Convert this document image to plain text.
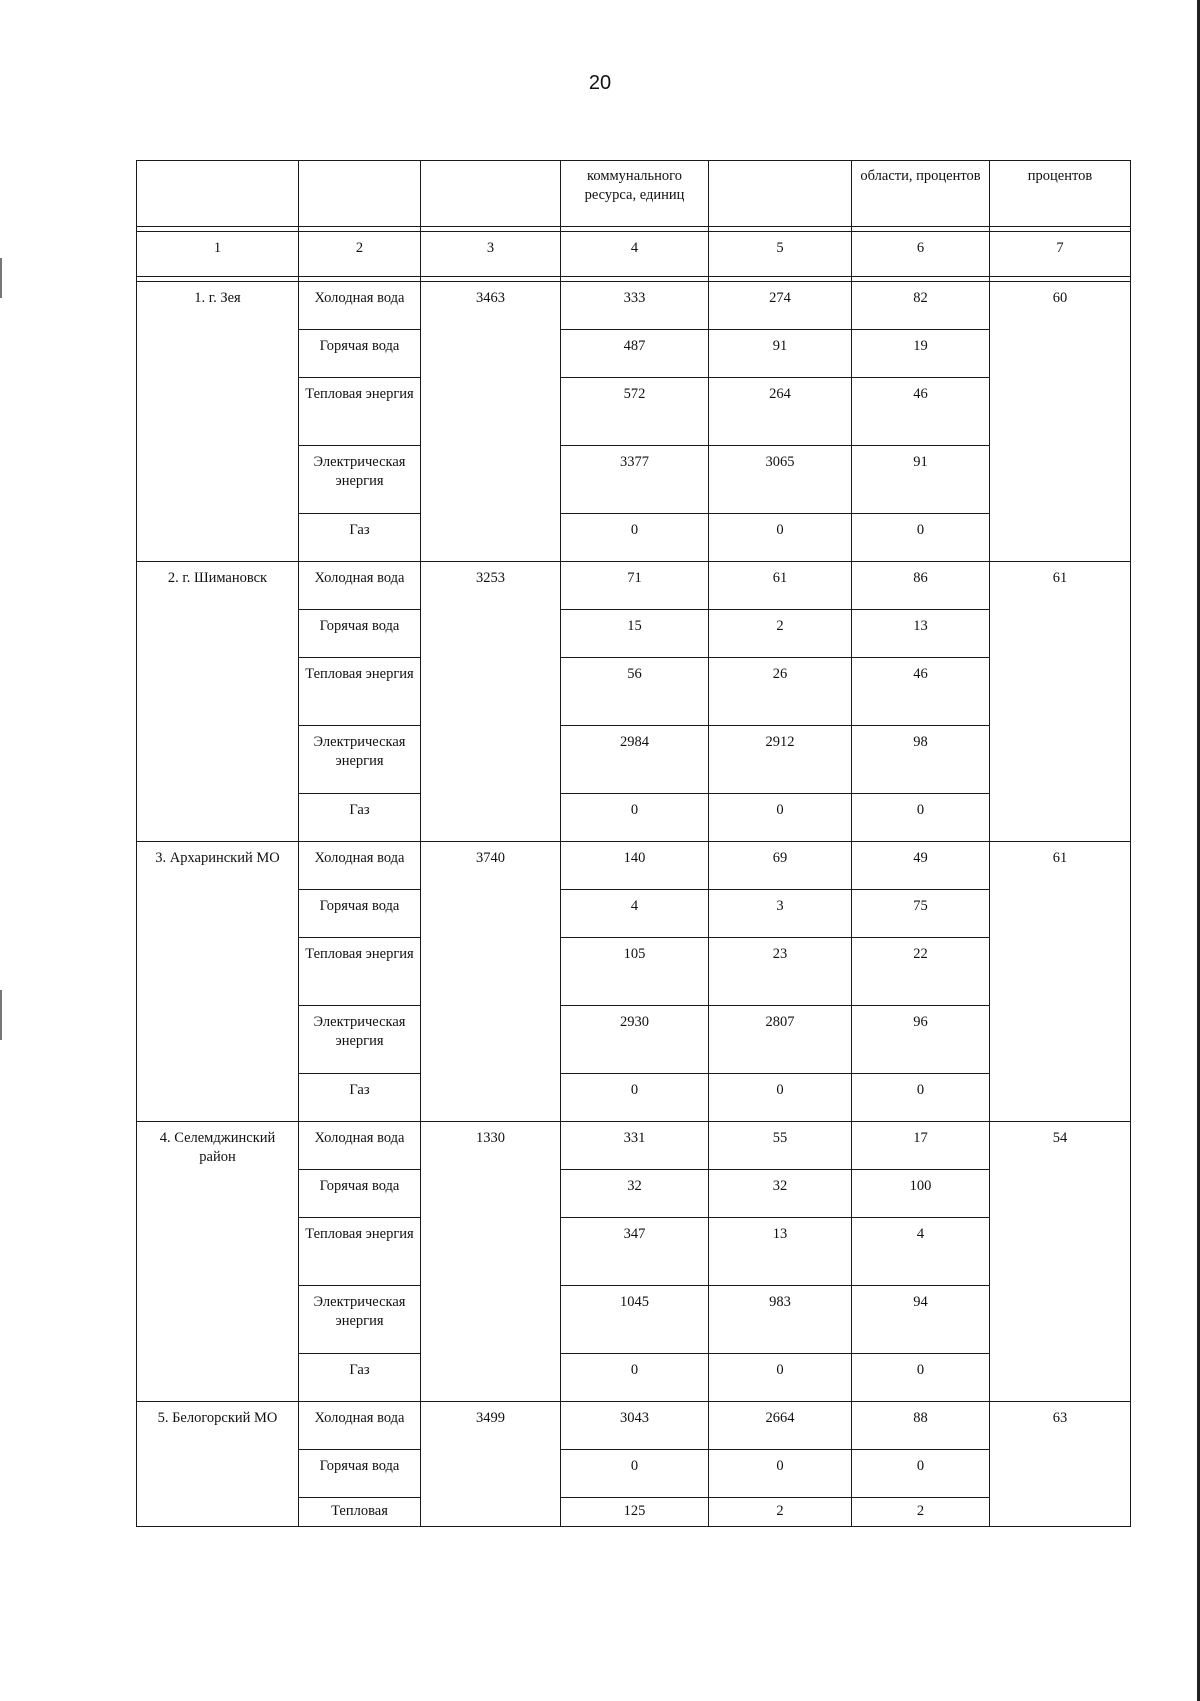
20
			коммунального ресурса, единиц		области, процентов	процентов

1	2	3	4	5	6	7

1. г. Зея	Холодная вода	3463	333	274	82	60
	Горячая вода		487	91	19	
	Тепловая энергия		572	264	46	
	Электрическая энергия		3377	3065	91	
	Газ		0	0	0	
2. г. Шимановск	Холодная вода	3253	71	61	86	61
	Горячая вода		15	2	13	
	Тепловая энергия		56	26	46	
	Электрическая энергия		2984	2912	98	
	Газ		0	0	0	
3. Архаринский МО	Холодная вода	3740	140	69	49	61
	Горячая вода		4	3	75	
	Тепловая энергия		105	23	22	
	Электрическая энергия		2930	2807	96	
	Газ		0	0	0	
4. Селемджинский район	Холодная вода	1330	331	55	17	54
	Горячая вода		32	32	100	
	Тепловая энергия		347	13	4	
	Электрическая энергия		1045	983	94	
	Газ		0	0	0	
5. Белогорский МО	Холодная вода	3499	3043	2664	88	63
	Горячая вода		0	0	0	
	Тепловая		125	2	2	
